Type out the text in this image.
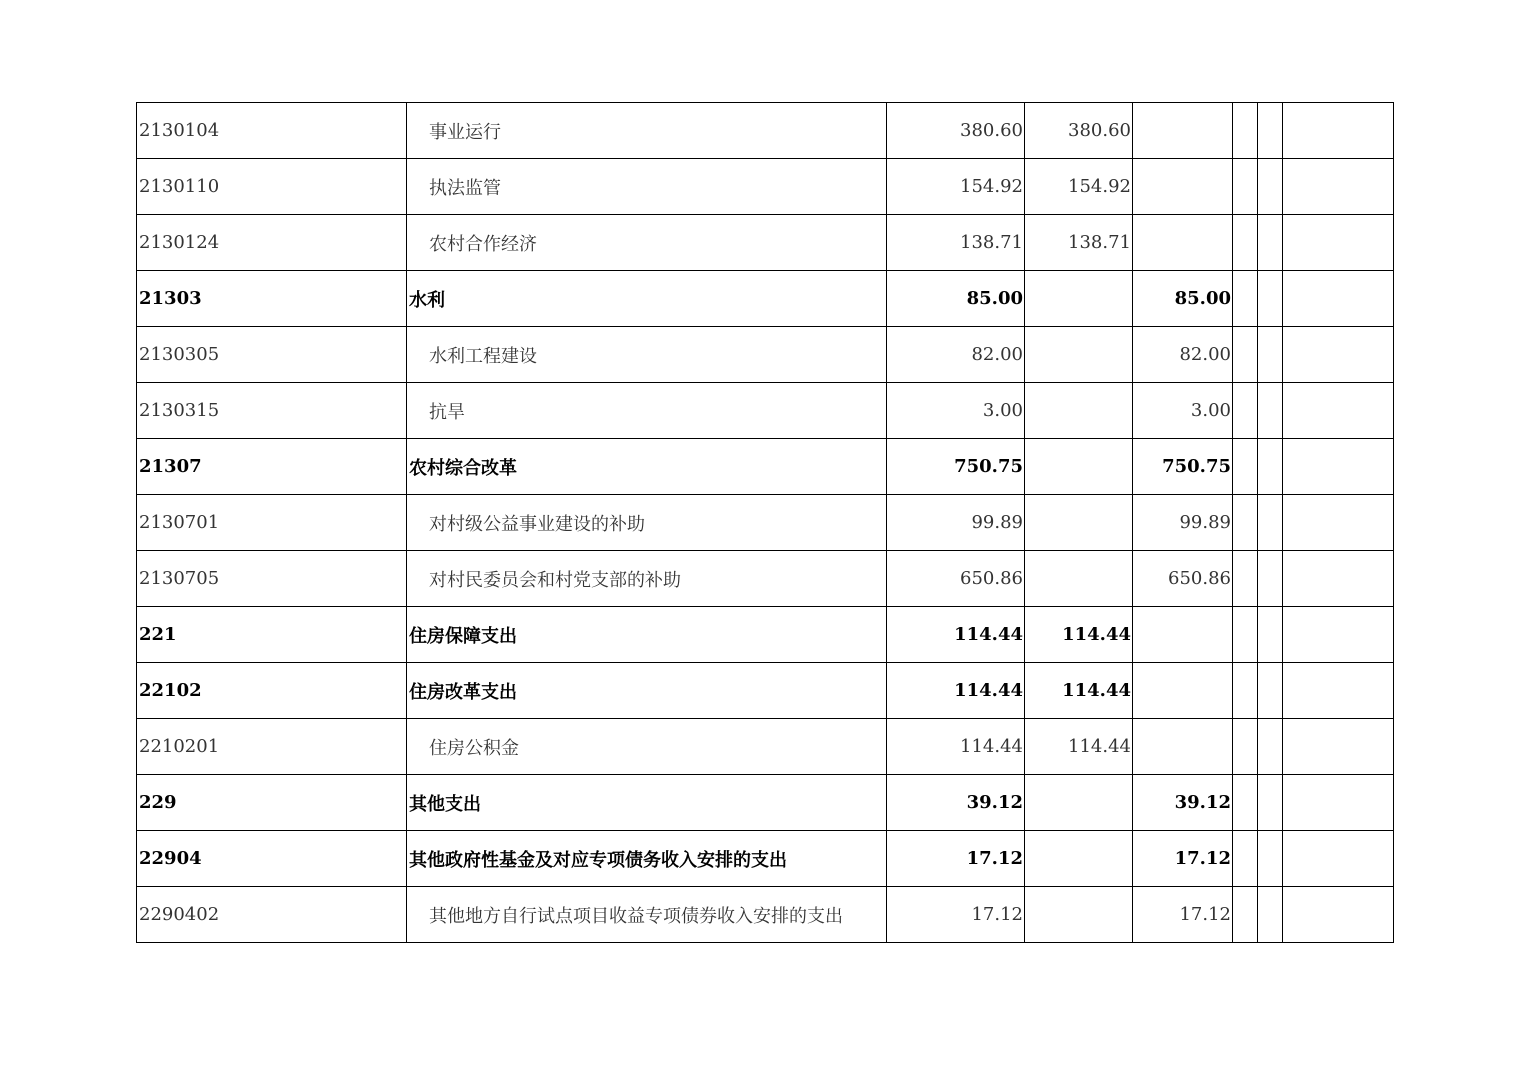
2130104	事业运行	380.60	380.60				
2130110	执法监管	154.92	154.92				
2130124	农村合作经济	138.71	138.71				
21303	水利	85.00		85.00			
2130305	水利工程建设	82.00		82.00			
2130315	抗旱	3.00		3.00			
21307	农村综合改革	750.75		750.75			
2130701	对村级公益事业建设的补助	99.89		99.89			
2130705	对村民委员会和村党支部的补助	650.86		650.86			
221	住房保障支出	114.44	114.44				
22102	住房改革支出	114.44	114.44				
2210201	住房公积金	114.44	114.44				
229	其他支出	39.12		39.12			
22904	其他政府性基金及对应专项债务收入安排的支出	17.12		17.12			
2290402	其他地方自行试点项目收益专项债券收入安排的支出	17.12		17.12			
